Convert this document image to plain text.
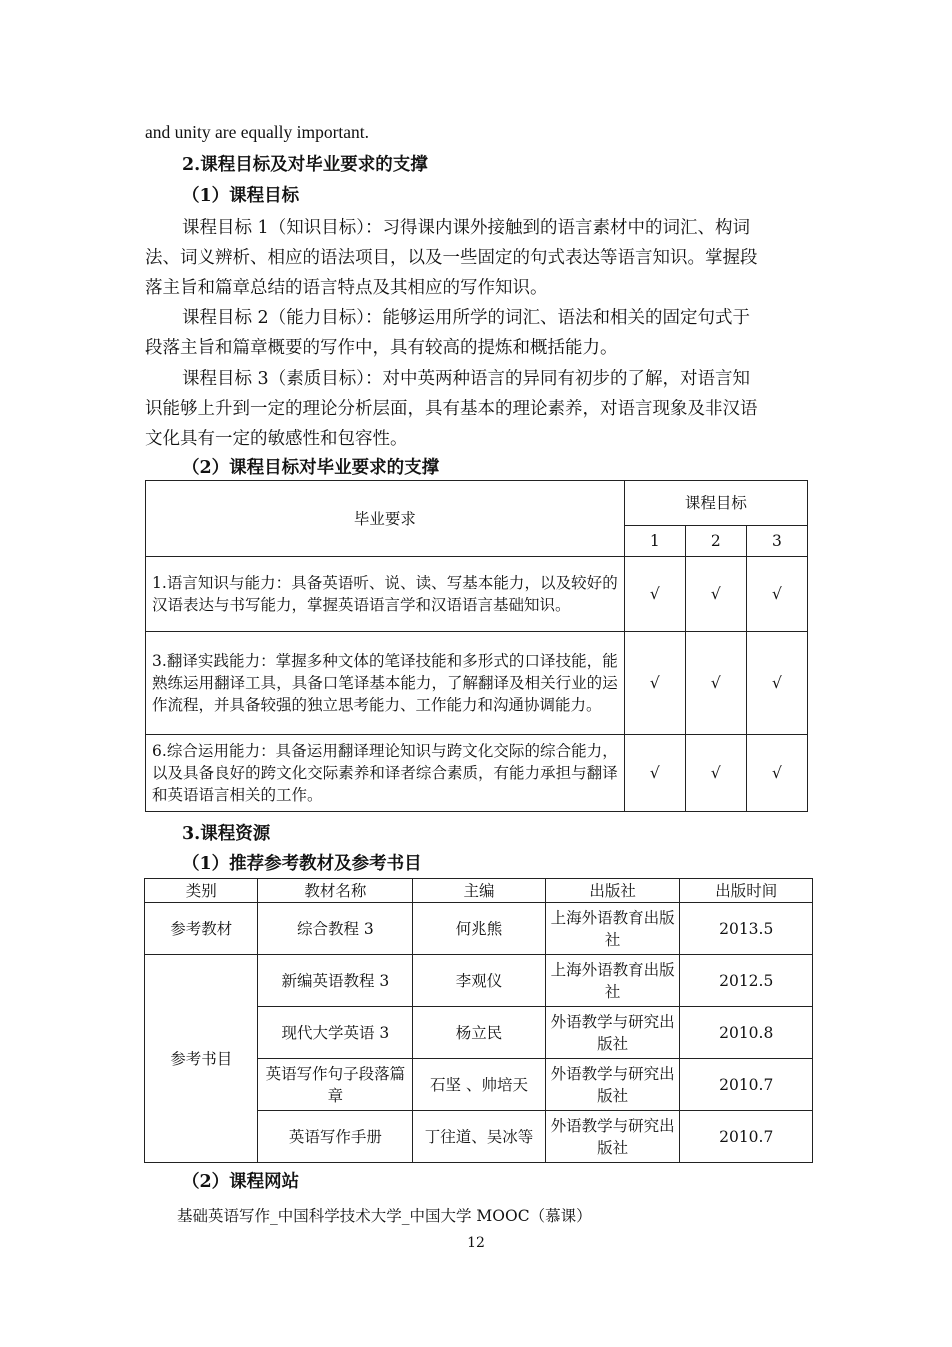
and unity are equally important.
2.课程目标及对毕业要求的支撑
（1）课程目标
课程目标 1（知识目标）：习得课内课外接触到的语言素材中的词汇、构词
法、词义辨析、相应的语法项目，以及一些固定的句式表达等语言知识。掌握段
落主旨和篇章总结的语言特点及其相应的写作知识。
课程目标 2（能力目标）：能够运用所学的词汇、语法和相关的固定句式于
段落主旨和篇章概要的写作中，具有较高的提炼和概括能力。
课程目标 3（素质目标）：对中英两种语言的异同有初步的了解，对语言知
识能够上升到一定的理论分析层面，具有基本的理论素养，对语言现象及非汉语
文化具有一定的敏感性和包容性。
（2）课程目标对毕业要求的支撑
毕业要求	课程目标		
	1	2	3
1.语言知识与能力：具备英语听、说、读、写基本能力，以及较好的汉语表达与书写能力，掌握英语语言学和汉语语言基础知识。	√	√	√
3.翻译实践能力：掌握多种文体的笔译技能和多形式的口译技能，能熟练运用翻译工具，具备口笔译基本能力，了解翻译及相关行业的运作流程，并具备较强的独立思考能力、工作能力和沟通协调能力。	√	√	√
6.综合运用能力：具备运用翻译理论知识与跨文化交际的综合能力，以及具备良好的跨文化交际素养和译者综合素质，有能力承担与翻译和英语语言相关的工作。	√	√	√
3.课程资源
（1）推荐参考教材及参考书目
类别	教材名称	主编	出版社	出版时间
参考教材	综合教程 3	何兆熊	上海外语教育出版社	2013.5
参考书目	新编英语教程 3	李观仪	上海外语教育出版社	2012.5
	现代大学英语 3	杨立民	外语教学与研究出版社	2010.8
	英语写作句子段落篇章	石坚 、帅培天	外语教学与研究出版社	2010.7
	英语写作手册	丁往道、吴冰等	外语教学与研究出版社	2010.7
（2）课程网站
基础英语写作_中国科学技术大学_中国大学 MOOC（慕课）
12
